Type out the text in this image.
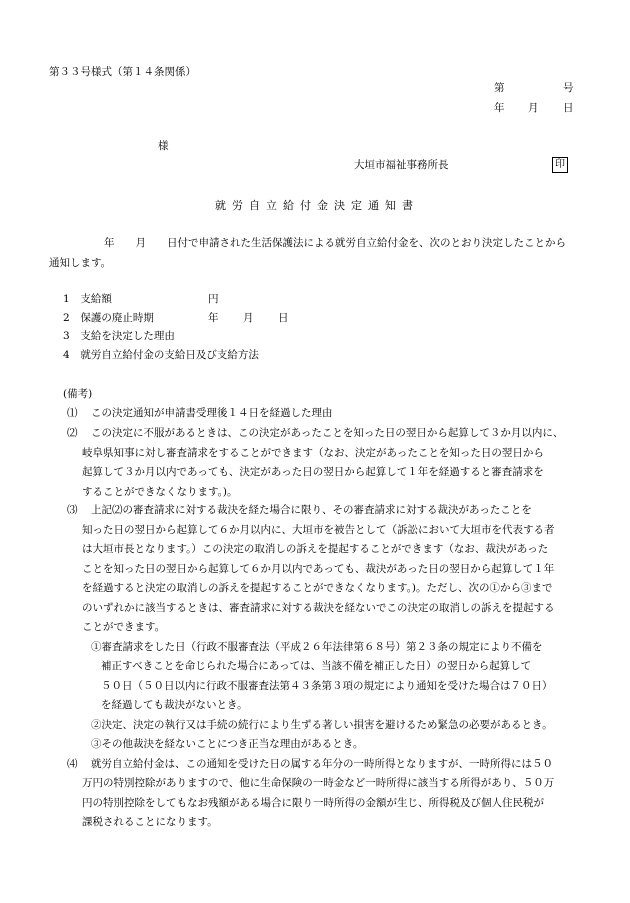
第３３号様式（第１４条関係）
第	号
年 月 日
様
大垣市福祉事務所長	印
就労自立給付金決定通知書
年　　月　　日付で申請された生活保護法による就労自立給付金を、次のとおり決定したことから
通知します。
1 支給額	円
2 保護の廃止時期	年 月 日
3 支給を決定した理由
4 就労自立給付金の支給日及び支給方法
(備考)
⑴ この決定通知が申請書受理後１４日を経過した理由
⑵ この決定に不服があるときは、この決定があったことを知った日の翌日から起算して３か月以内に、
岐阜県知事に対し審査請求をすることができます（なお、決定があったことを知った日の翌日から
起算して３か月以内であっても、決定があった日の翌日から起算して１年を経過すると審査請求を
することができなくなります。)。
⑶ 上記⑵の審査請求に対する裁決を経た場合に限り、その審査請求に対する裁決があったことを
知った日の翌日から起算して６か月以内に、大垣市を被告として（訴訟において大垣市を代表する者
は大垣市長となります。）この決定の取消しの訴えを提起することができます（なお、裁決があった
ことを知った日の翌日から起算して６か月以内であっても、裁決があった日の翌日から起算して１年
を経過すると決定の取消しの訴えを提起することができなくなります。)。ただし、次の①から③まで
のいずれかに該当するときは、審査請求に対する裁決を経ないでこの決定の取消しの訴えを提起する
ことができます。
①審査請求をした日（行政不服審査法（平成２６年法律第６８号）第２３条の規定により不備を
補正すべきことを命じられた場合にあっては、当該不備を補正した日）の翌日から起算して
５０日（５０日以内に行政不服審査法第４３条第３項の規定により通知を受けた場合は７０日）
を経過しても裁決がないとき。
②決定、決定の執行又は手続の続行により生ずる著しい損害を避けるため緊急の必要があるとき。
③その他裁決を経ないことにつき正当な理由があるとき。
⑷ 就労自立給付金は、この通知を受けた日の属する年分の一時所得となりますが、一時所得には５０
万円の特別控除がありますので、他に生命保険の一時金など一時所得に該当する所得があり、５０万
円の特別控除をしてもなお残額がある場合に限り一時所得の金額が生じ、所得税及び個人住民税が
課税されることになります。
